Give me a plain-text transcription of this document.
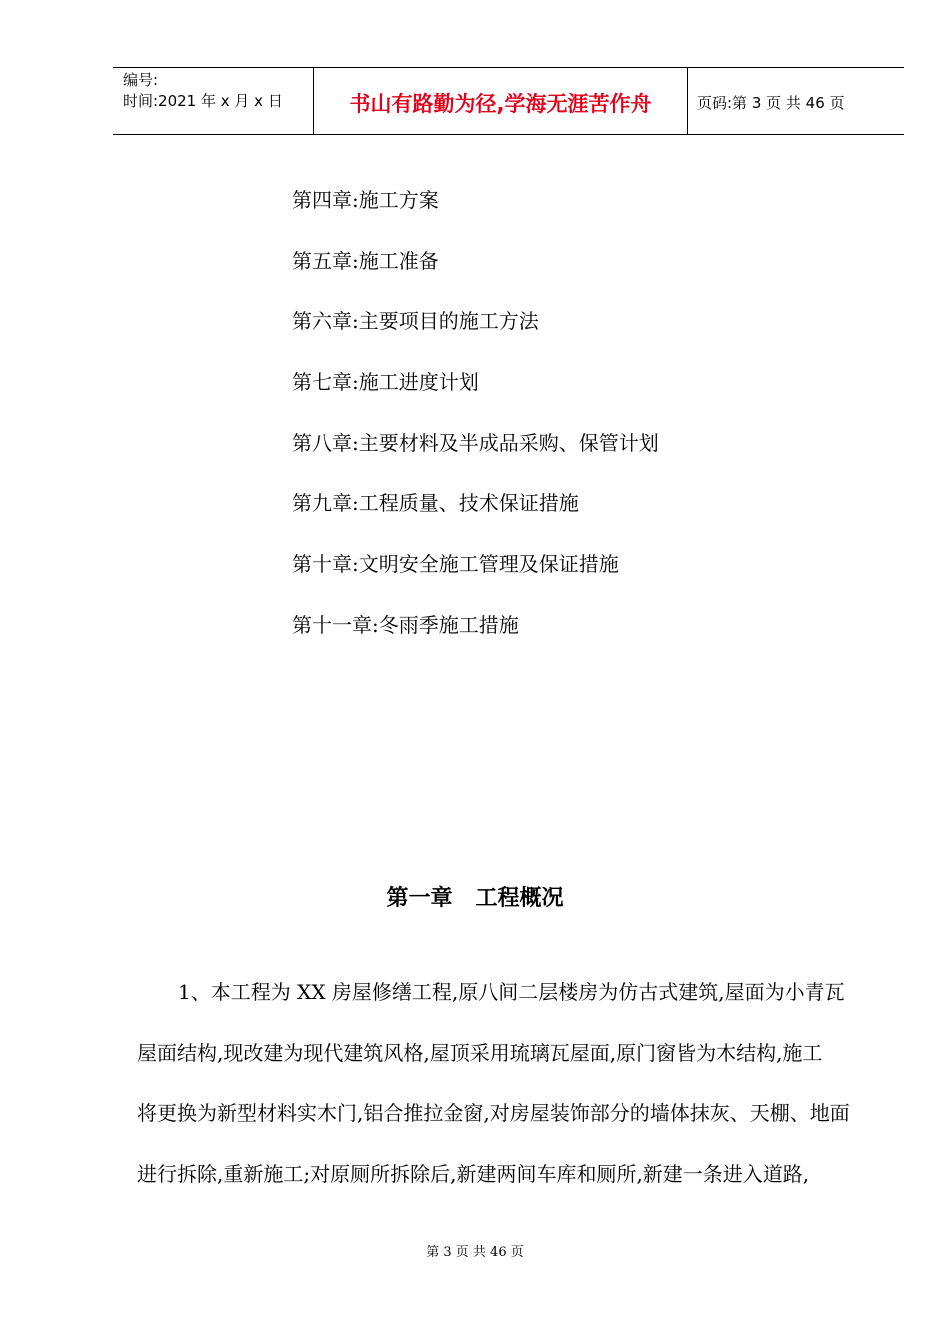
编号:
时间:2021 年 x 月 x 日	书山有路勤为径,学海无涯苦作舟	页码:第 3 页 共 46 页
第四章:施工方案
第五章:施工准备
第六章:主要项目的施工方法
第七章:施工进度计划
第八章:主要材料及半成品采购、保管计划
第九章:工程质量、技术保证措施
第十章:文明安全施工管理及保证措施
第十一章:冬雨季施工措施
第一章   工程概况
1、本工程为 XX 房屋修缮工程,原八间二层楼房为仿古式建筑,屋面为小青瓦
屋面结构,现改建为现代建筑风格,屋顶采用琉璃瓦屋面,原门窗皆为木结构,施工
将更换为新型材料实木门,铝合推拉金窗,对房屋装饰部分的墙体抹灰、天棚、地面
进行拆除,重新施工;对原厕所拆除后,新建两间车库和厕所,新建一条进入道路,
第 3 页 共 46 页
